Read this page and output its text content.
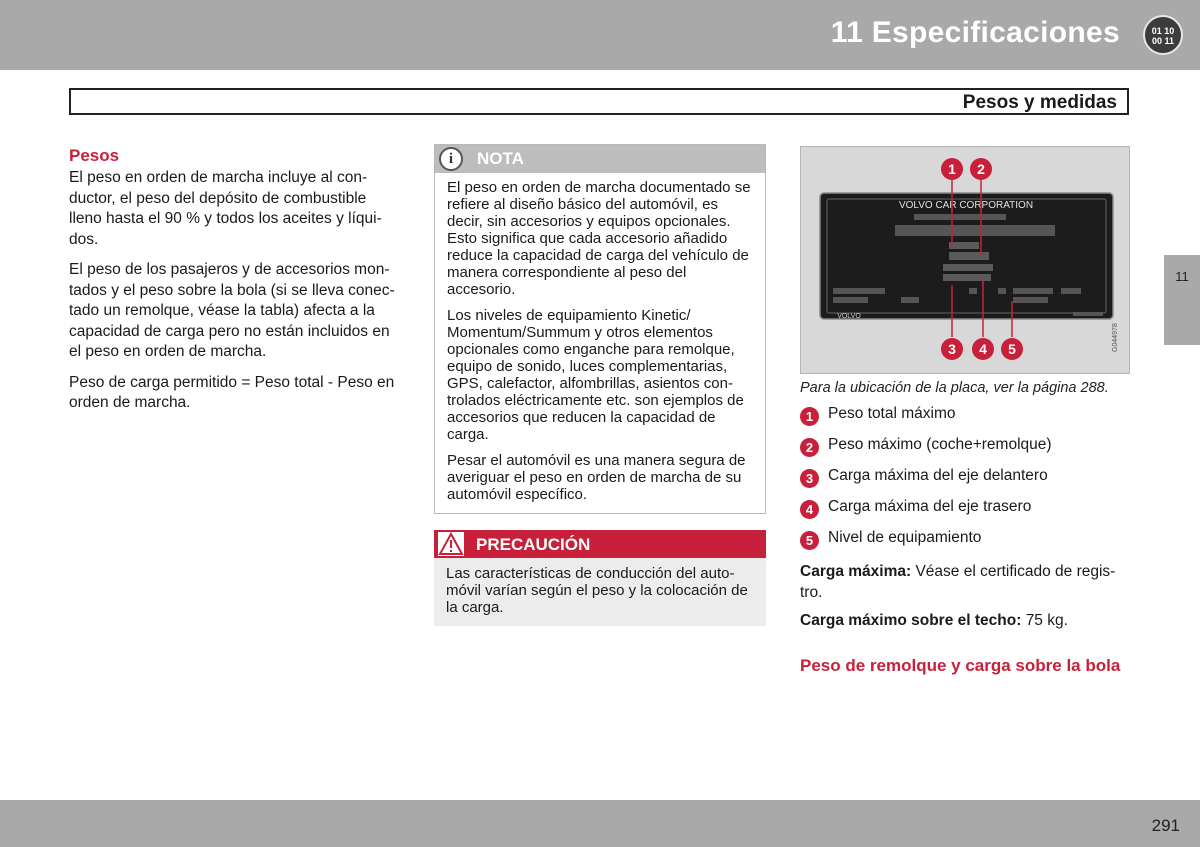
11 Especificaciones	01 10
00 11
Pesos y medidas
11
Pesos

El peso en orden de marcha incluye al con-ductor, el peso del depósito de combustible lleno hasta el 90 % y todos los aceites y líqui-dos.

El peso de los pasajeros y de accesorios mon-tados y el peso sobre la bola (si se lleva conec-tado un remolque, véase la tabla) afecta a la capacidad de carga pero no están incluidos en el peso en orden de marcha.

Peso de carga permitido = Peso total - Peso en orden de marcha.

i	NOTA

El peso en orden de marcha documentado se refiere al diseño básico del automóvil, es decir, sin accesorios y equipos opcionales. Esto significa que cada accesorio añadido reduce la capacidad de carga del vehículo de manera correspondiente al peso del accesorio.

Los niveles de equipamiento Kinetic/ Momentum/Summum y otros elementos opcionales como enganche para remolque, equipo de sonido, luces complementarias, GPS, calefactor, alfombrillas, asientos con-trolados eléctricamente etc. son ejemplos de accesorios que reducen la capacidad de carga.

Pesar el automóvil es una manera segura de averiguar el peso en orden de marcha de su automóvil específico.

PRECAUCIÓN

Las características de conducción del auto-móvil varían según el peso y la colocación de la carga.

VOLVO CAR CORPORATION
VOLVO
1 2
3 4 5	G044978
Para la ubicación de la placa, ver la página 288.
1 Peso total máximo
2 Peso máximo (coche+remolque)
3 Carga máxima del eje delantero
4 Carga máxima del eje trasero
5 Nivel de equipamiento

Carga máxima: Véase el certificado de regis-tro.

Carga máximo sobre el techo: 75 kg.

Peso de remolque y carga sobre la bola
291
